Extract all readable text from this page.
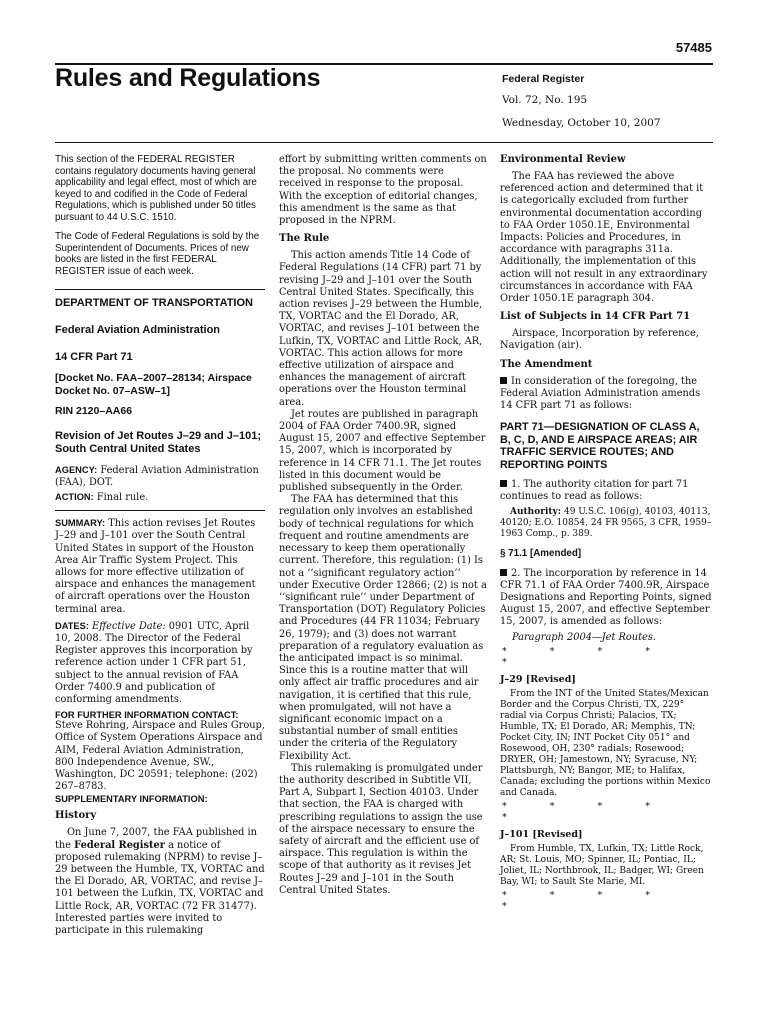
57485
Rules and Regulations	Federal Register
Vol. 72, No. 195
Wednesday, October 10, 2007

This section of the FEDERAL REGISTER contains regulatory documents having general applicability and legal effect, most of which are keyed to and codified in the Code of Federal Regulations, which is published under 50 titles pursuant to 44 U.S.C. 1510.

The Code of Federal Regulations is sold by the Superintendent of Documents. Prices of new books are listed in the first FEDERAL REGISTER issue of each week.

DEPARTMENT OF TRANSPORTATION

Federal Aviation Administration

14 CFR Part 71

[Docket No. FAA–2007–28134; Airspace Docket No. 07–ASW–1]

RIN 2120–AA66

Revision of Jet Routes J–29 and J–101; South Central United States

AGENCY: Federal Aviation Administration (FAA), DOT.

ACTION: Final rule.

SUMMARY: This action revises Jet Routes J–29 and J–101 over the South Central United States in support of the Houston Area Air Traffic System Project. This allows for more effective utilization of airspace and enhances the management of aircraft operations over the Houston terminal area.

DATES: Effective Date: 0901 UTC, April 10, 2008. The Director of the Federal Register approves this incorporation by reference action under 1 CFR part 51, subject to the annual revision of FAA Order 7400.9 and publication of conforming amendments.

FOR FURTHER INFORMATION CONTACT:

Steve Rohring, Airspace and Rules Group, Office of System Operations Airspace and AIM, Federal Aviation Administration, 800 Independence Avenue, SW., Washington, DC 20591; telephone: (202) 267–8783.

SUPPLEMENTARY INFORMATION:

History

On June 7, 2007, the FAA published in the Federal Register a notice of proposed rulemaking (NPRM) to revise J–29 between the Humble, TX, VORTAC and the El Dorado, AR, VORTAC, and revise J–101 between the Lufkin, TX, VORTAC and Little Rock, AR, VORTAC (72 FR 31477). Interested parties were invited to participate in this rulemaking

effort by submitting written comments on the proposal. No comments were received in response to the proposal. With the exception of editorial changes, this amendment is the same as that proposed in the NPRM.

The Rule

This action amends Title 14 Code of Federal Regulations (14 CFR) part 71 by revising J–29 and J–101 over the South Central United States. Specifically, this action revises J–29 between the Humble, TX, VORTAC and the El Dorado, AR, VORTAC, and revises J–101 between the Lufkin, TX, VORTAC and Little Rock, AR, VORTAC. This action allows for more effective utilization of airspace and enhances the management of aircraft operations over the Houston terminal area.

Jet routes are published in paragraph 2004 of FAA Order 7400.9R, signed August 15, 2007 and effective September 15, 2007, which is incorporated by reference in 14 CFR 71.1. The Jet routes listed in this document would be published subsequently in the Order.

The FAA has determined that this regulation only involves an established body of technical regulations for which frequent and routine amendments are necessary to keep them operationally current. Therefore, this regulation: (1) Is not a ‘‘significant regulatory action’’ under Executive Order 12866; (2) is not a ‘‘significant rule’’ under Department of Transportation (DOT) Regulatory Policies and Procedures (44 FR 11034; February 26, 1979); and (3) does not warrant preparation of a regulatory evaluation as the anticipated impact is so minimal. Since this is a routine matter that will only affect air traffic procedures and air navigation, it is certified that this rule, when promulgated, will not have a significant economic impact on a substantial number of small entities under the criteria of the Regulatory Flexibility Act.

This rulemaking is promulgated under the authority described in Subtitle VII, Part A, Subpart I, Section 40103. Under that section, the FAA is charged with prescribing regulations to assign the use of the airspace necessary to ensure the safety of aircraft and the efficient use of airspace. This regulation is within the scope of that authority as it revises Jet Routes J–29 and J–101 in the South Central United States.

Environmental Review

The FAA has reviewed the above referenced action and determined that it is categorically excluded from further environmental documentation according to FAA Order 1050.1E, Environmental Impacts: Policies and Procedures, in accordance with paragraphs 311a. Additionally, the implementation of this action will not result in any extraordinary circumstances in accordance with FAA Order 1050.1E paragraph 304.

List of Subjects in 14 CFR Part 71

Airspace, Incorporation by reference, Navigation (air).

The Amendment

In consideration of the foregoing, the Federal Aviation Administration amends 14 CFR part 71 as follows:

PART 71—DESIGNATION OF CLASS A, B, C, D, AND E AIRSPACE AREAS; AIR TRAFFIC SERVICE ROUTES; AND REPORTING POINTS

1. The authority citation for part 71 continues to read as follows:

Authority: 49 U.S.C. 106(g), 40103, 40113, 40120; E.O. 10854, 24 FR 9565, 3 CFR, 1959–1963 Comp., p. 389.

§ 71.1 [Amended]

2. The incorporation by reference in 14 CFR 71.1 of FAA Order 7400.9R, Airspace Designations and Reporting Points, signed August 15, 2007, and effective September 15, 2007, is amended as follows:

Paragraph 2004—Jet Routes.

* * * * *

J–29 [Revised]

From the INT of the United States/Mexican Border and the Corpus Christi, TX, 229° radial via Corpus Christi; Palacios, TX; Humble, TX; El Dorado, AR; Memphis, TN; Pocket City, IN; INT Pocket City 051° and Rosewood, OH, 230° radials; Rosewood; DRYER, OH; Jamestown, NY; Syracuse, NY; Plattsburgh, NY; Bangor, ME; to Halifax, Canada; excluding the portions within Mexico and Canada.

* * * * *

J–101 [Revised]

From Humble, TX, Lufkin, TX; Little Rock, AR; St. Louis, MO; Spinner, IL; Pontiac, IL; Joliet, IL; Northbrook, IL; Badger, WI; Green Bay, WI; to Sault Ste Marie, MI.

* * * * *
